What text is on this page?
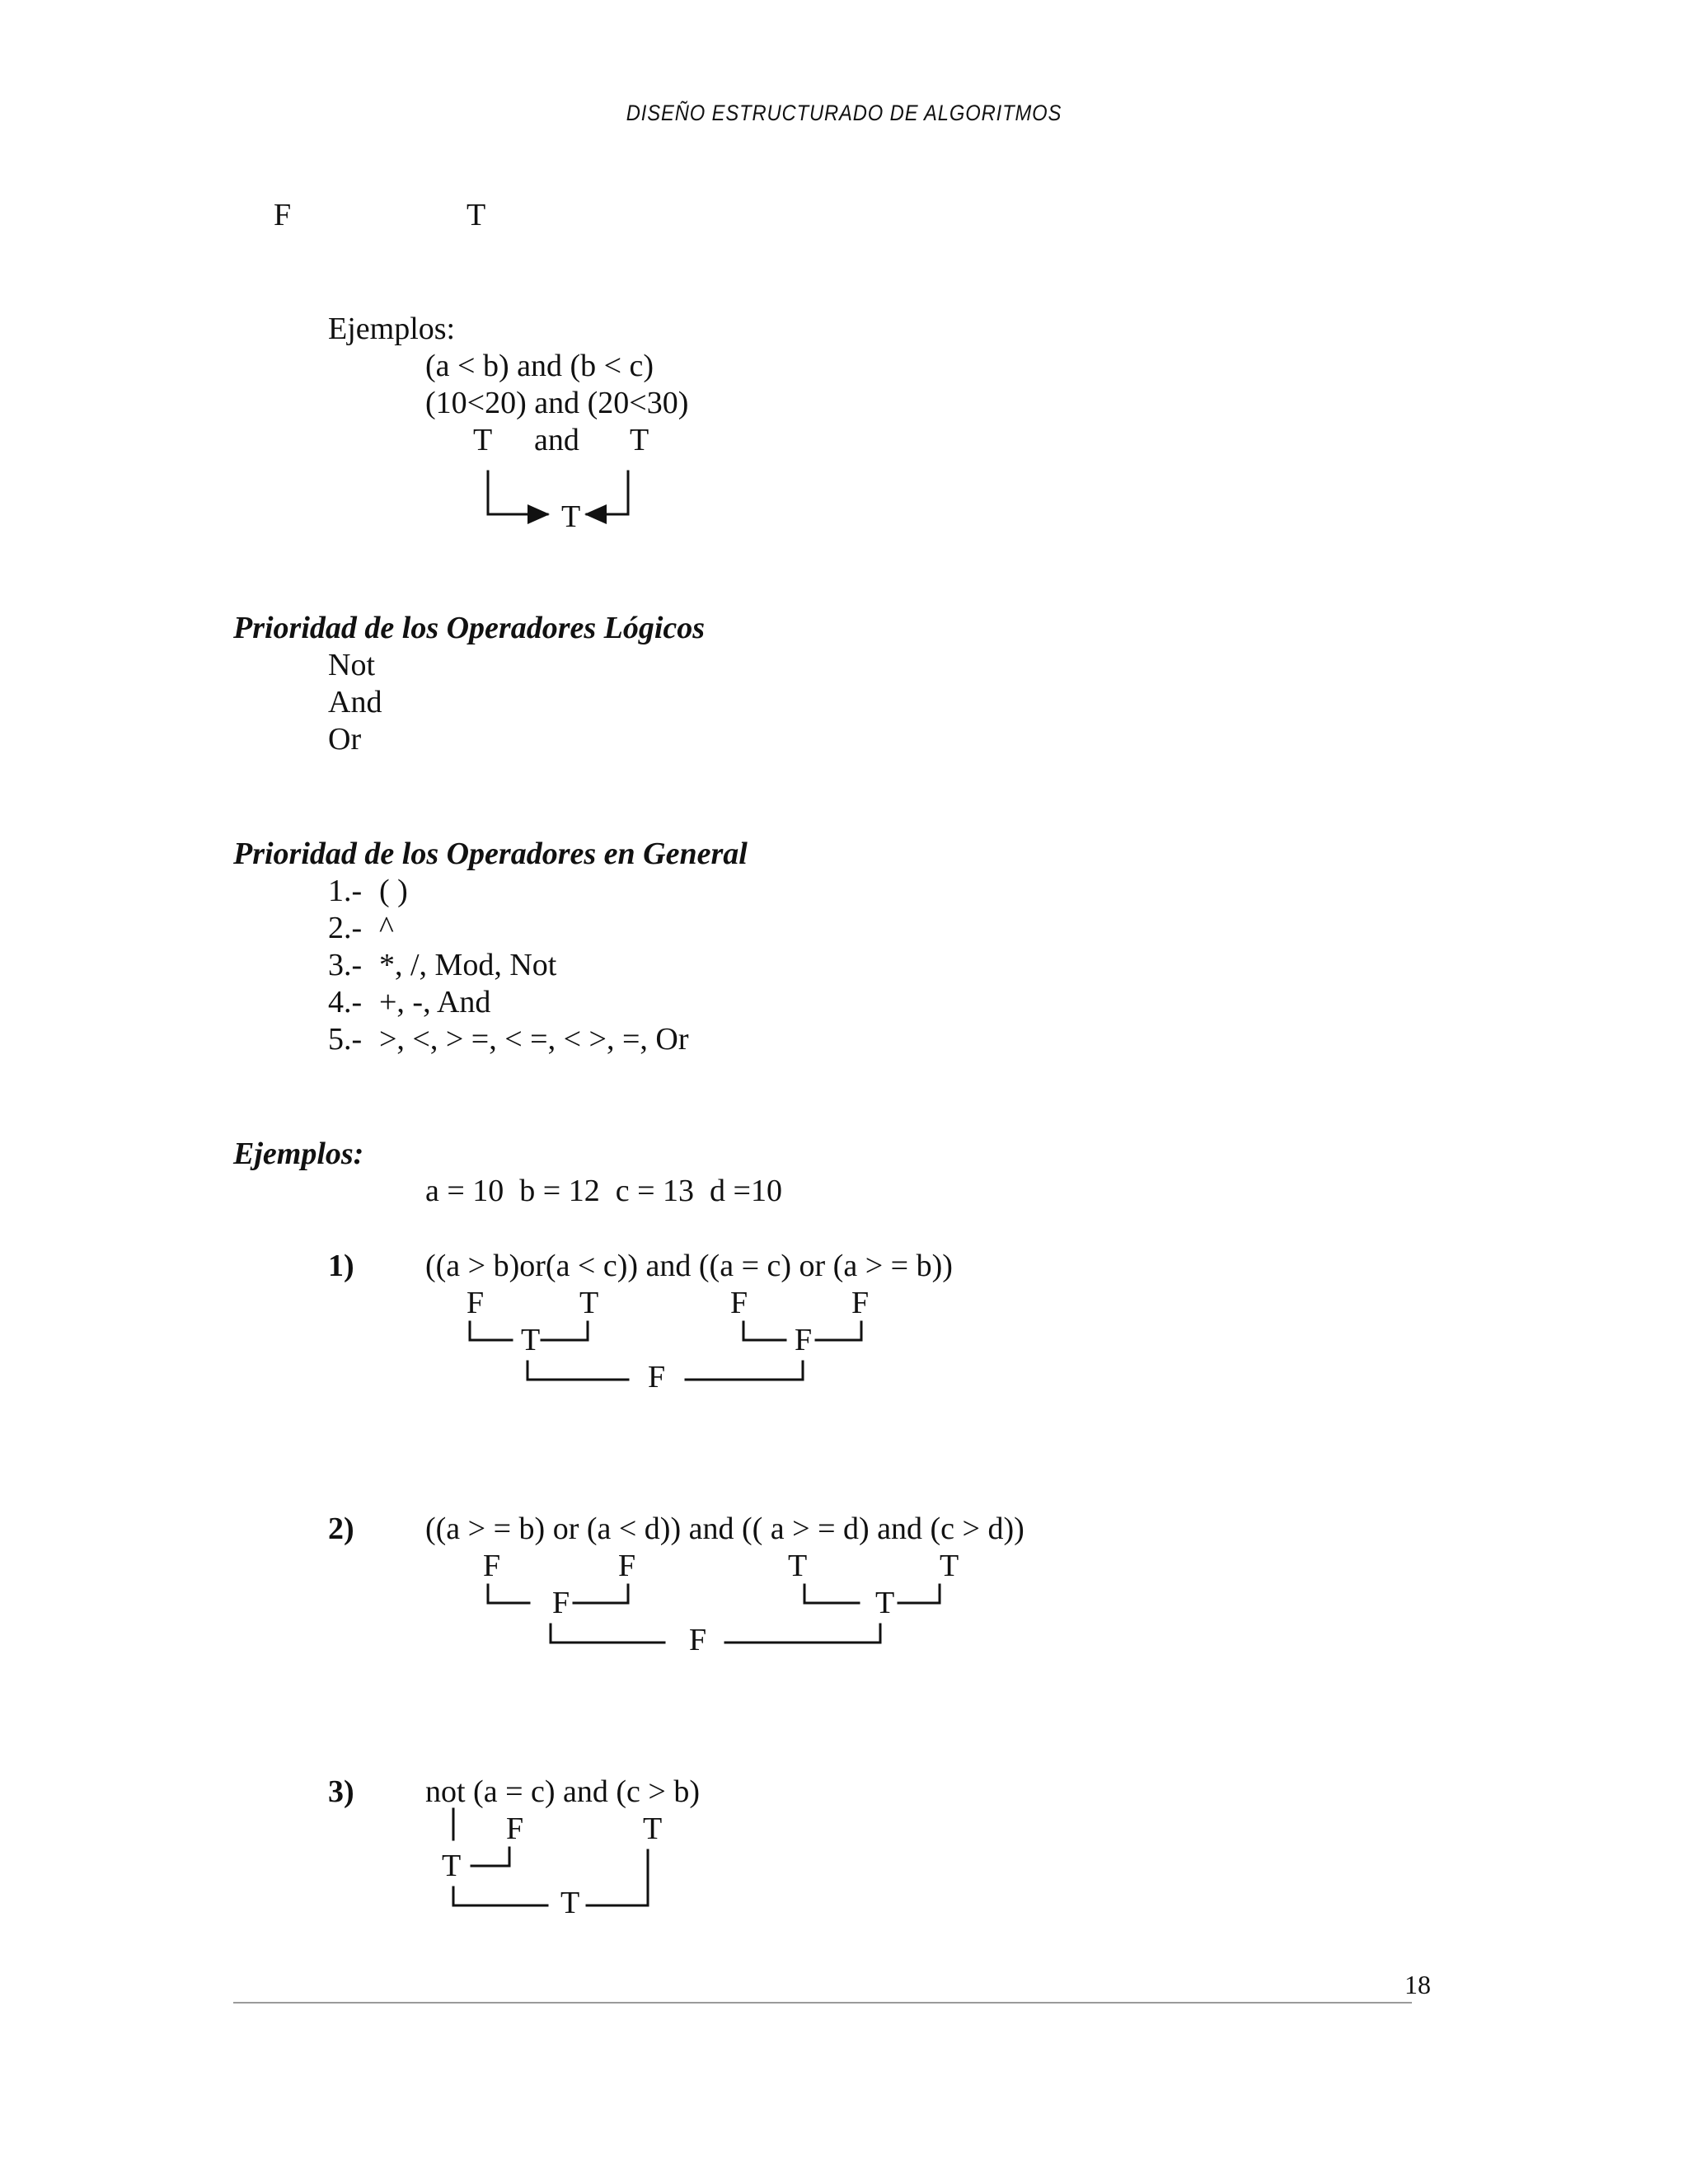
DISEÑO ESTRUCTURADO DE ALGORITMOS
F	T
Ejemplos:
(a < b) and (b < c)
(10<20) and (20<30)
T and T
T
Prioridad de los Operadores Lógicos
Not
And
Or
Prioridad de los Operadores en General
1.- ( )
2.- ^
3.- *, /, Mod, Not
4.- +, -, And
5.- >, <, > =, < =, < >, =, Or
Ejemplos:
a = 10  b = 12  c = 13  d =10
1) ((a > b)or(a < c)) and ((a = c) or (a > = b))
F	T	F	F
T	F
F
2) ((a > = b) or (a < d)) and (( a > = d) and (c > d))
F	F	T	T
F	T
F
3) not (a = c) and (c > b)
F	T
T
T
18
